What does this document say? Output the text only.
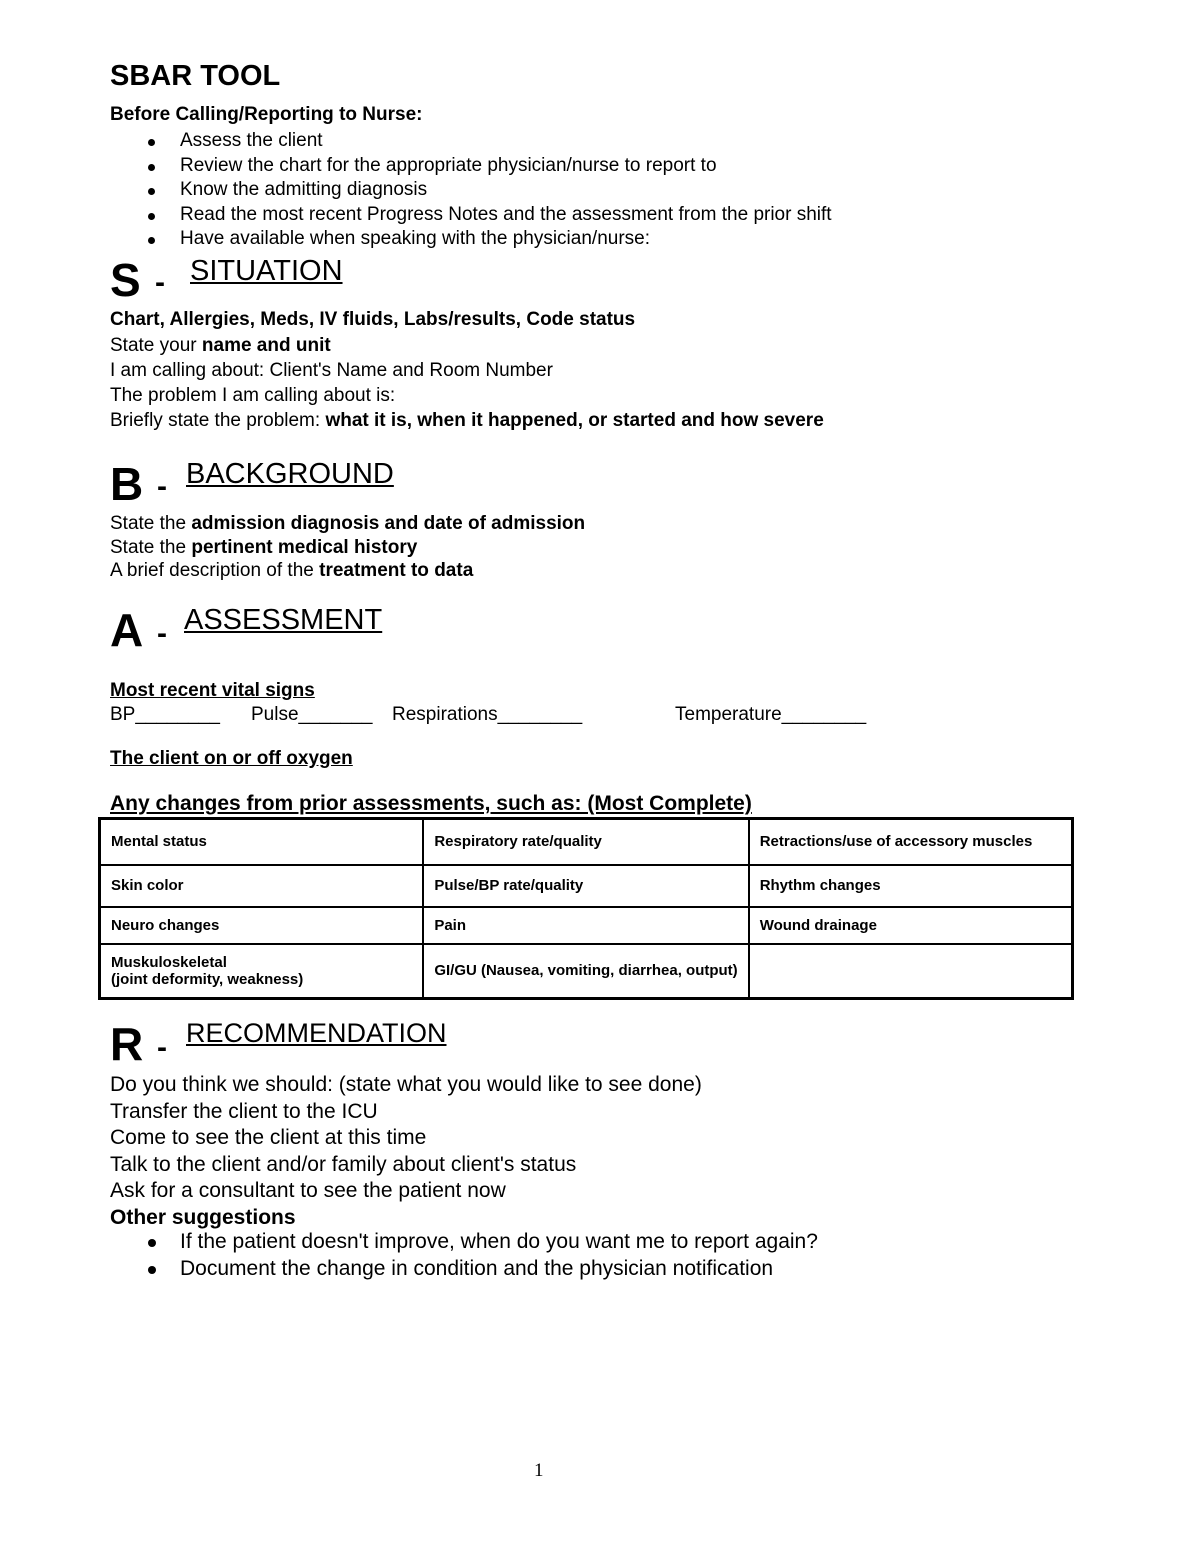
SBAR TOOL
Before Calling/Reporting to Nurse:
Assess the client
Review the chart for the appropriate physician/nurse to report to
Know the admitting diagnosis
Read the most recent Progress Notes and the assessment from the prior shift
Have available when speaking with the physician/nurse:
S - SITUATION
Chart, Allergies, Meds, IV fluids, Labs/results, Code status
State your name and unit
I am calling about: Client's Name and Room Number
The problem I am calling about is:
Briefly state the problem: what it is, when it happened, or started and how severe
B - BACKGROUND
State the admission diagnosis and date of admission
State the pertinent medical history
A brief description of the treatment to data
A - ASSESSMENT
Most recent vital signs
BP________ Pulse_______ Respirations________	Temperature________
The client on or off oxygen
Any changes from prior assessments, such as: (Most Complete)
Mental status	Respiratory rate/quality	Retractions/use of accessory muscles
Skin color	Pulse/BP rate/quality	Rhythm changes
Neuro changes	Pain	Wound drainage

Muskuloskeletal
(joint deformity, weakness)	GI/GU (Nausea, vomiting, diarrhea, output)	
R - RECOMMENDATION
Do you think we should: (state what you would like to see done)
Transfer the client to the ICU
Come to see the client at this time
Talk to the client and/or family about client's status
Ask for a consultant to see the patient now
Other suggestions
If the patient doesn't improve, when do you want me to report again?
Document the change in condition and the physician notification
1
